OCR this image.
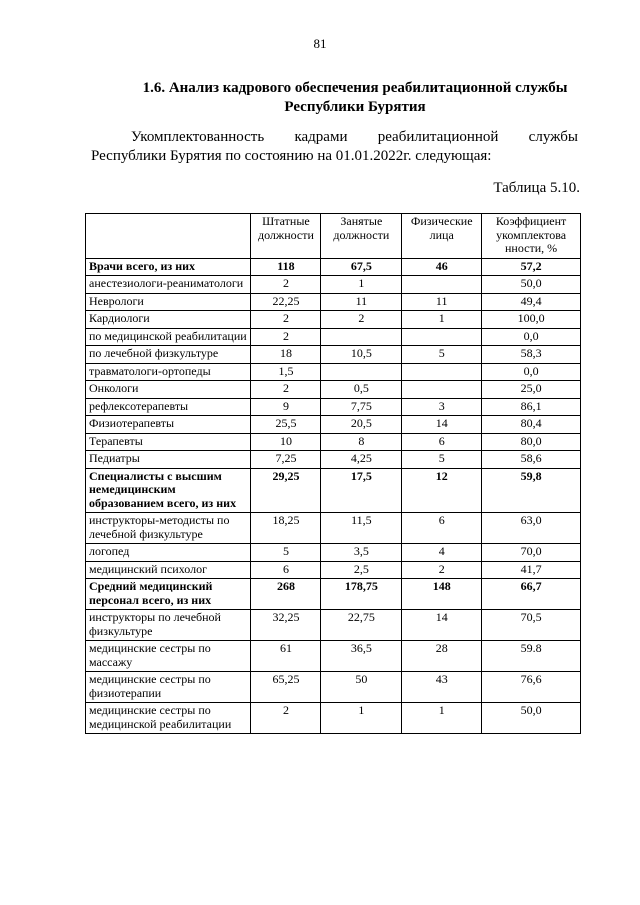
81
1.6. Анализ кадрового обеспечения реабилитационной службы
Республики Бурятия
Укомплектованность кадрами реабилитационной службы
Республики Бурятия по состоянию на 01.01.2022г. следующая:
Таблица 5.10.
	Штатные должности	Занятые должности	Физические лица	Коэффициент укомплектова нности, %
Врачи всего, из них	118	67,5	46	57,2
анестезиологи-реаниматологи	2	1		50,0
Неврологи	22,25	11	11	49,4
Кардиологи	2	2	1	100,0
по медицинской реабилитации	2			0,0
по лечебной физкультуре	18	10,5	5	58,3
травматологи-ортопеды	1,5			0,0
Онкологи	2	0,5		25,0
рефлексотерапевты	9	7,75	3	86,1
Физиотерапевты	25,5	20,5	14	80,4
Терапевты	10	8	6	80,0
Педиатры	7,25	4,25	5	58,6
Специалисты с высшим немедицинским образованием всего, из них	29,25	17,5	12	59,8
инструкторы-методисты по лечебной физкультуре	18,25	11,5	6	63,0
логопед	5	3,5	4	70,0
медицинский психолог	6	2,5	2	41,7
Средний медицинский персонал всего, из них	268	178,75	148	66,7
инструкторы по лечебной физкультуре	32,25	22,75	14	70,5
медицинские сестры по массажу	61	36,5	28	59.8
медицинские сестры по физиотерапии	65,25	50	43	76,6
медицинские сестры по медицинской реабилитации	2	1	1	50,0
